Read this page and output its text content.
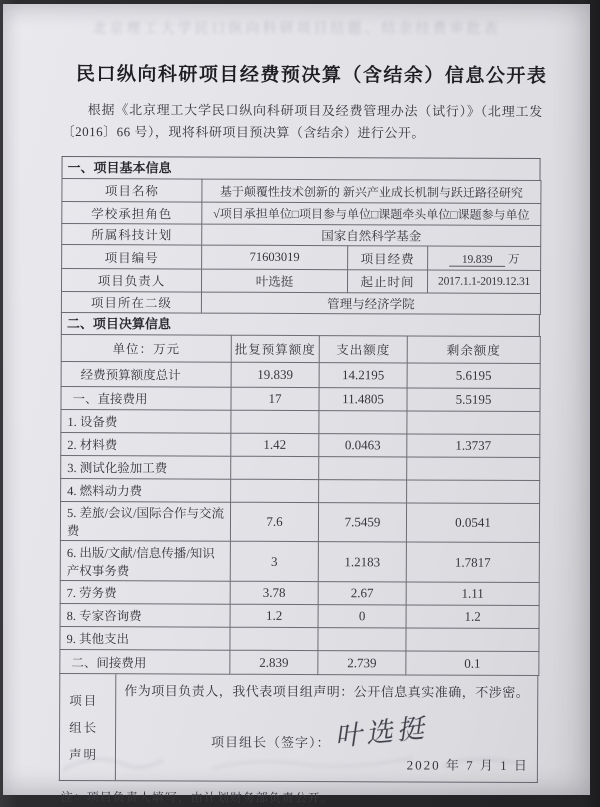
北京理工大学民口纵向科研项目结题、结余经费审批表
民口纵向科研项目经费预决算（含结余）信息公开表

根据《北京理工大学民口纵向科研项目及经费管理办法（试行）》（北理工发〔2016〕66 号），现将科研项目预决算（含结余）进行公开。

一、项目基本信息
项目名称	基于颠覆性技术创新的 新兴产业成长机制与跃迁路径研究		
学校承担角色	√项目承担单位□项目参与单位□课题牵头单位□课题参与单位		
所属科技计划	国家自然科学基金		
项目编号	71603019	项目经费	19.839 万
项目负责人	叶选挺	起止时间	2017.1.1-2019.12.31
项目所在二级	管理与经济学院		
二、项目决算信息
单位：万元	批复预算额度	支出额度	剩余额度
经费预算额度总计	19.839	14.2195	5.6195
一、直接费用	17	11.4805	5.5195
1. 设备费			
2. 材料费	1.42	0.0463	1.3737
3. 测试化验加工费			
4. 燃料动力费			
5. 差旅/会议/国际合作与交流费	7.6	7.5459	0.0541
6. 出版/文献/信息传播/知识产权事务费	3	1.2183	1.7817
7. 劳务费	3.78	2.67	1.11
8. 专家咨询费	1.2	0	1.2
9. 其他支出			
二、间接费用	2.839	2.739	0.1
项目
组长
声明

作为项目负责人，我代表项目组声明：公开信息真实准确，不涉密。

项目组长（签字）： 叶选挺
2020 年 7 月 1 日

注：项目负责人填写，由计划财务部负责公开。
